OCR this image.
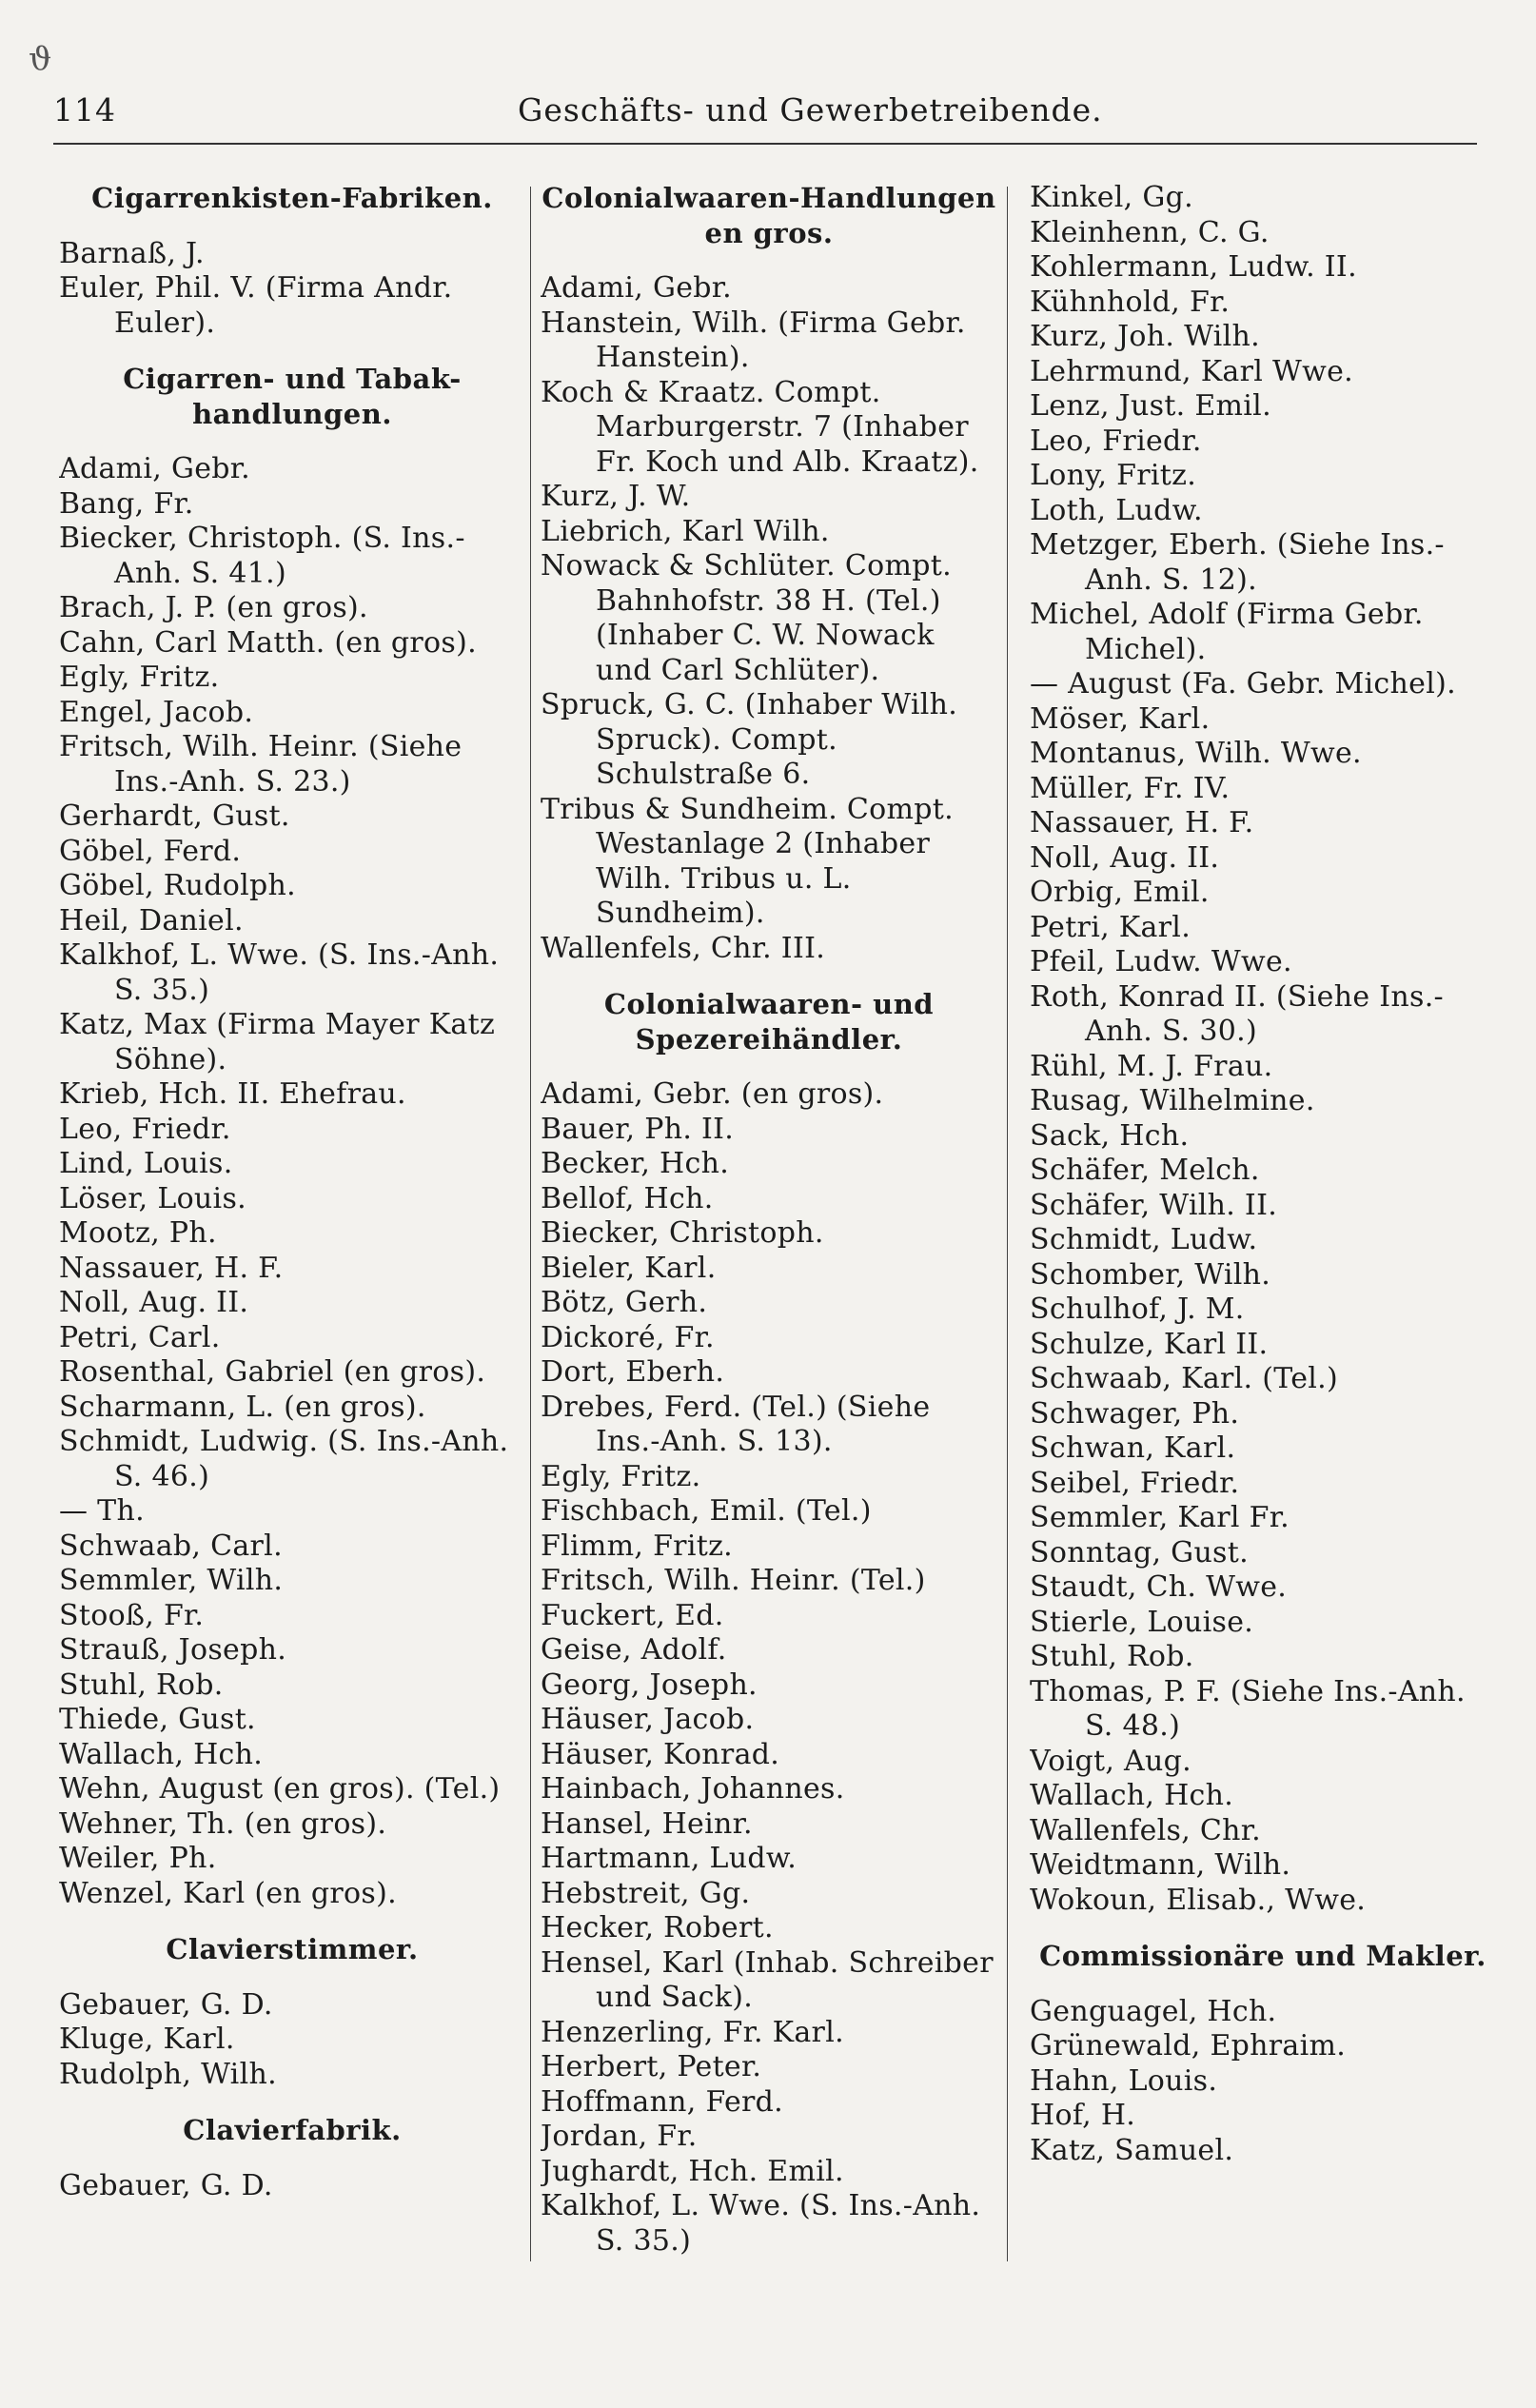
ϑ
114	Geschäfts- und Gewerbetreibende.
Cigarrenkisten-Fabriken.
Barnaß, J.
Euler, Phil. V. (Firma Andr. Euler).
Cigarren- und Tabak-handlungen.
Adami, Gebr.
Bang, Fr.
Biecker, Christoph. (S. Ins.-Anh. S. 41.)
Brach, J. P. (en gros).
Cahn, Carl Matth. (en gros).
Egly, Fritz.
Engel, Jacob.
Fritsch, Wilh. Heinr. (Siehe Ins.-Anh. S. 23.)
Gerhardt, Gust.
Göbel, Ferd.
Göbel, Rudolph.
Heil, Daniel.
Kalkhof, L. Wwe. (S. Ins.-Anh. S. 35.)
Katz, Max (Firma Mayer Katz Söhne).
Krieb, Hch. II. Ehefrau.
Leo, Friedr.
Lind, Louis.
Löser, Louis.
Mootz, Ph.
Nassauer, H. F.
Noll, Aug. II.
Petri, Carl.
Rosenthal, Gabriel (en gros).
Scharmann, L. (en gros).
Schmidt, Ludwig. (S. Ins.-Anh. S. 46.)
— Th.
Schwaab, Carl.
Semmler, Wilh.
Stooß, Fr.
Strauß, Joseph.
Stuhl, Rob.
Thiede, Gust.
Wallach, Hch.
Wehn, August (en gros). (Tel.)
Wehner, Th. (en gros).
Weiler, Ph.
Wenzel, Karl (en gros).
Clavierstimmer.
Gebauer, G. D.
Kluge, Karl.
Rudolph, Wilh.
Clavierfabrik.
Gebauer, G. D.
Colonialwaaren-Handlungen en gros.
Adami, Gebr.
Hanstein, Wilh. (Firma Gebr. Hanstein).
Koch & Kraatz. Compt. Marburgerstr. 7 (Inhaber Fr. Koch und Alb. Kraatz).
Kurz, J. W.
Liebrich, Karl Wilh.
Nowack & Schlüter. Compt. Bahnhofstr. 38 H. (Tel.) (Inhaber C. W. Nowack und Carl Schlüter).
Spruck, G. C. (Inhaber Wilh. Spruck). Compt. Schulstraße 6.
Tribus & Sundheim. Compt. Westanlage 2 (Inhaber Wilh. Tribus u. L. Sundheim).
Wallenfels, Chr. III.
Colonialwaaren- und Spezereihändler.
Adami, Gebr. (en gros).
Bauer, Ph. II.
Becker, Hch.
Bellof, Hch.
Biecker, Christoph.
Bieler, Karl.
Bötz, Gerh.
Dickoré, Fr.
Dort, Eberh.
Drebes, Ferd. (Tel.) (Siehe Ins.-Anh. S. 13).
Egly, Fritz.
Fischbach, Emil. (Tel.)
Flimm, Fritz.
Fritsch, Wilh. Heinr. (Tel.)
Fuckert, Ed.
Geise, Adolf.
Georg, Joseph.
Häuser, Jacob.
Häuser, Konrad.
Hainbach, Johannes.
Hansel, Heinr.
Hartmann, Ludw.
Hebstreit, Gg.
Hecker, Robert.
Hensel, Karl (Inhab. Schreiber und Sack).
Henzerling, Fr. Karl.
Herbert, Peter.
Hoffmann, Ferd.
Jordan, Fr.
Jughardt, Hch. Emil.
Kalkhof, L. Wwe. (S. Ins.-Anh. S. 35.)
Kinkel, Gg.
Kleinhenn, C. G.
Kohlermann, Ludw. II.
Kühnhold, Fr.
Kurz, Joh. Wilh.
Lehrmund, Karl Wwe.
Lenz, Just. Emil.
Leo, Friedr.
Lony, Fritz.
Loth, Ludw.
Metzger, Eberh. (Siehe Ins.-Anh. S. 12).
Michel, Adolf (Firma Gebr. Michel).
— August (Fa. Gebr. Michel).
Möser, Karl.
Montanus, Wilh. Wwe.
Müller, Fr. IV.
Nassauer, H. F.
Noll, Aug. II.
Orbig, Emil.
Petri, Karl.
Pfeil, Ludw. Wwe.
Roth, Konrad II. (Siehe Ins.-Anh. S. 30.)
Rühl, M. J. Frau.
Rusag, Wilhelmine.
Sack, Hch.
Schäfer, Melch.
Schäfer, Wilh. II.
Schmidt, Ludw.
Schomber, Wilh.
Schulhof, J. M.
Schulze, Karl II.
Schwaab, Karl. (Tel.)
Schwager, Ph.
Schwan, Karl.
Seibel, Friedr.
Semmler, Karl Fr.
Sonntag, Gust.
Staudt, Ch. Wwe.
Stierle, Louise.
Stuhl, Rob.
Thomas, P. F. (Siehe Ins.-Anh. S. 48.)
Voigt, Aug.
Wallach, Hch.
Wallenfels, Chr.
Weidtmann, Wilh.
Wokoun, Elisab., Wwe.
Commissionäre und Makler.
Genguagel, Hch.
Grünewald, Ephraim.
Hahn, Louis.
Hof, H.
Katz, Samuel.
